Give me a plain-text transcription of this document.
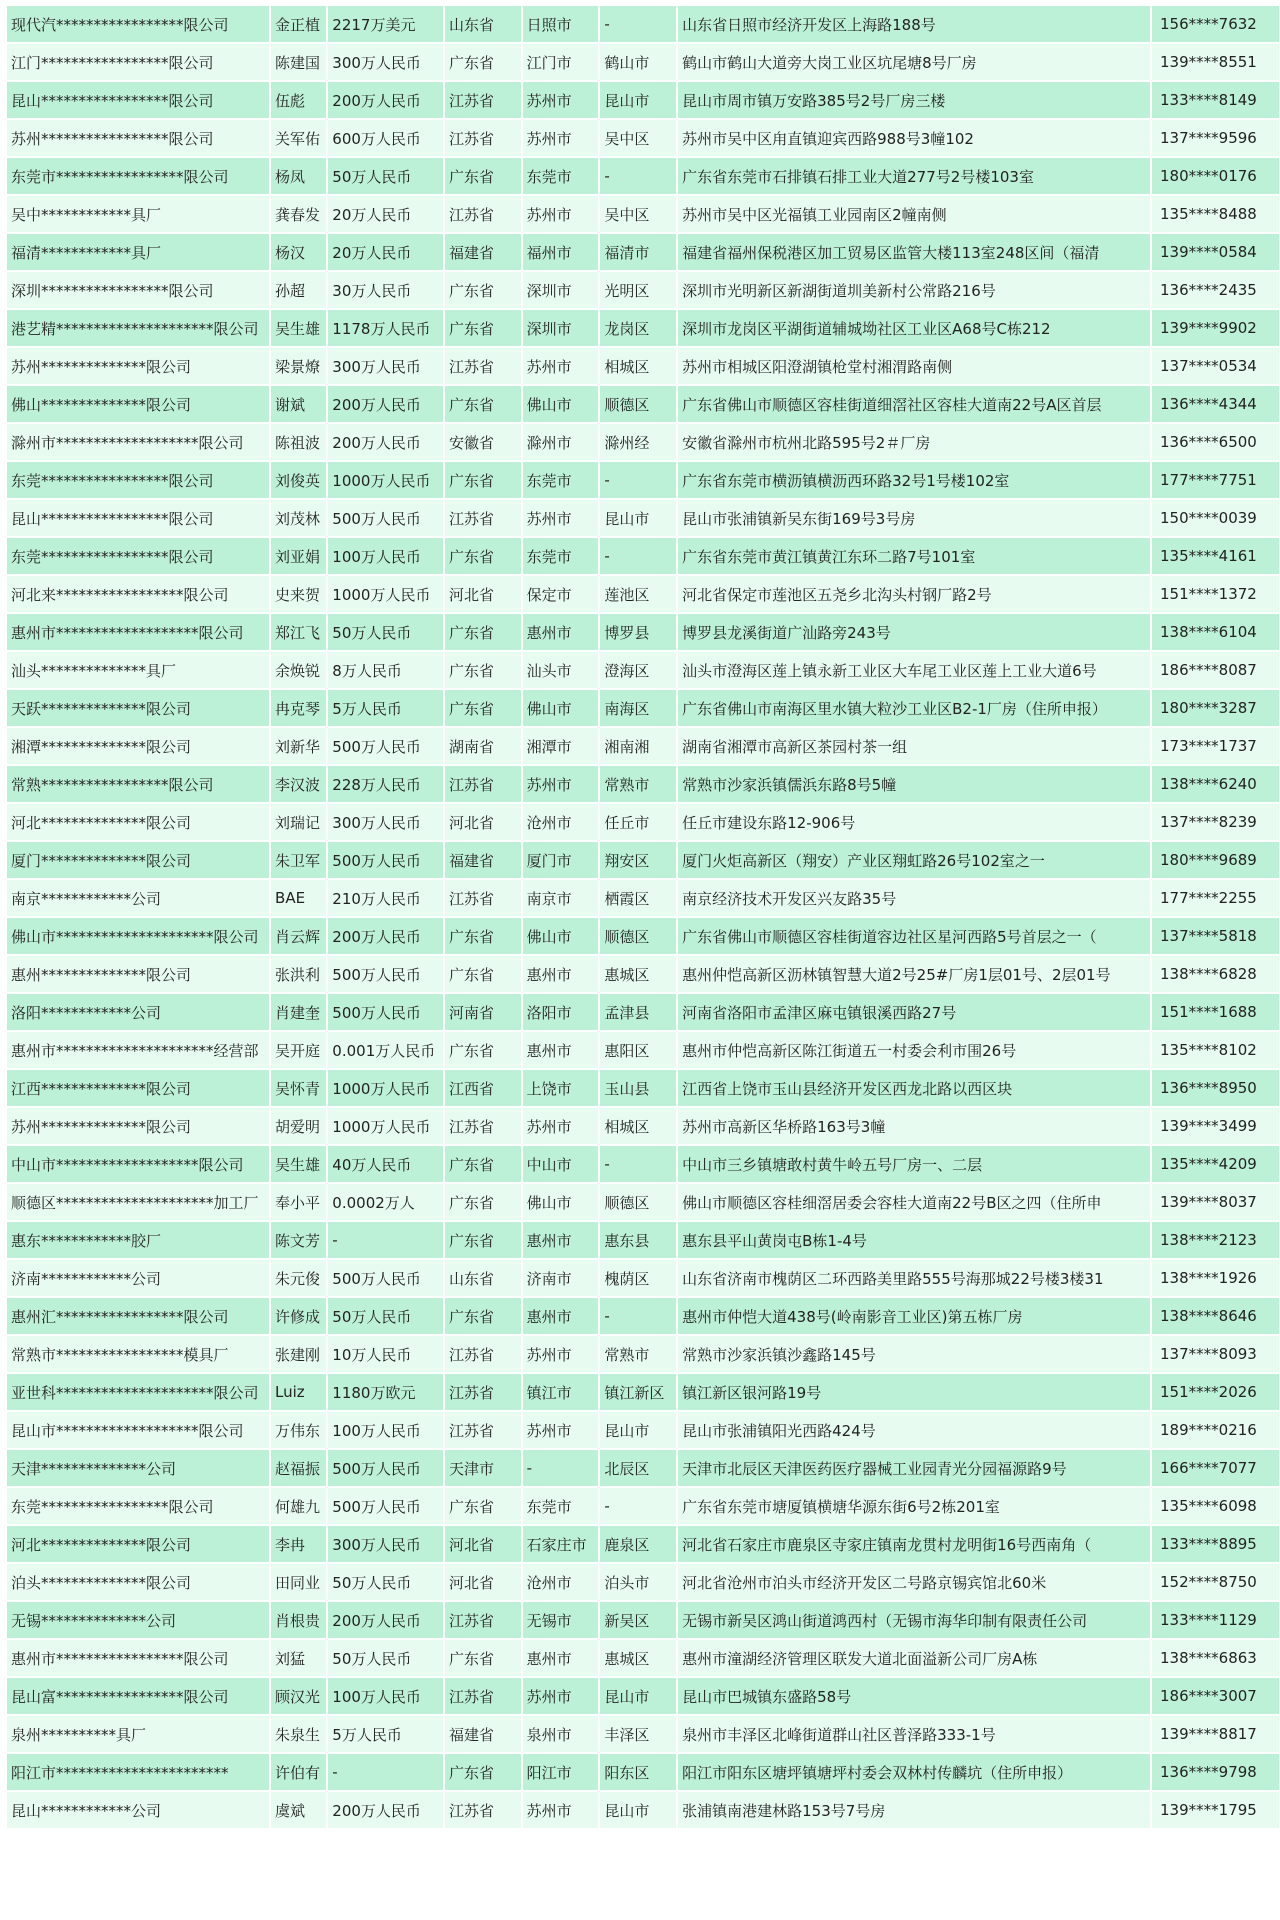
现代汽*****************限公司	金正植	2217万美元	山东省	日照市	-	山东省日照市经济开发区上海路188号	156****7632
江门*****************限公司	陈建国	300万人民币	广东省	江门市	鹤山市	鹤山市鹤山大道旁大岗工业区坑尾塘8号厂房	139****8551
昆山*****************限公司	伍彪	200万人民币	江苏省	苏州市	昆山市	昆山市周市镇万安路385号2号厂房三楼	133****8149
苏州*****************限公司	关军佑	600万人民币	江苏省	苏州市	吴中区	苏州市吴中区甪直镇迎宾西路988号3幢102	137****9596
东莞市*****************限公司	杨凤	50万人民币	广东省	东莞市	-	广东省东莞市石排镇石排工业大道277号2号楼103室	180****0176
吴中************具厂	龚春发	20万人民币	江苏省	苏州市	吴中区	苏州市吴中区光福镇工业园南区2幢南侧	135****8488
福清************具厂	杨汉	20万人民币	福建省	福州市	福清市	福建省福州保税港区加工贸易区监管大楼113室248区间（福清	139****0584
深圳*****************限公司	孙超	30万人民币	广东省	深圳市	光明区	深圳市光明新区新湖街道圳美新村公常路216号	136****2435
港艺精*********************限公司	吴生雄	1178万人民币	广东省	深圳市	龙岗区	深圳市龙岗区平湖街道辅城坳社区工业区A68号C栋212	139****9902
苏州**************限公司	梁景燎	300万人民币	江苏省	苏州市	相城区	苏州市相城区阳澄湖镇枪堂村湘渭路南侧	137****0534
佛山**************限公司	谢斌	200万人民币	广东省	佛山市	顺德区	广东省佛山市顺德区容桂街道细滘社区容桂大道南22号A区首层	136****4344
滁州市*******************限公司	陈祖波	200万人民币	安徽省	滁州市	滁州经	安徽省滁州市杭州北路595号2＃厂房	136****6500
东莞*****************限公司	刘俊英	1000万人民币	广东省	东莞市	-	广东省东莞市横沥镇横沥西环路32号1号楼102室	177****7751
昆山*****************限公司	刘茂林	500万人民币	江苏省	苏州市	昆山市	昆山市张浦镇新吴东街169号3号房	150****0039
东莞*****************限公司	刘亚娟	100万人民币	广东省	东莞市	-	广东省东莞市黄江镇黄江东环二路7号101室	135****4161
河北来*****************限公司	史来贺	1000万人民币	河北省	保定市	莲池区	河北省保定市莲池区五尧乡北沟头村钢厂路2号	151****1372
惠州市*******************限公司	郑江飞	50万人民币	广东省	惠州市	博罗县	博罗县龙溪街道广汕路旁243号	138****6104
汕头**************具厂	余焕锐	8万人民币	广东省	汕头市	澄海区	汕头市澄海区莲上镇永新工业区大车尾工业区莲上工业大道6号	186****8087
天跃**************限公司	冉克琴	5万人民币	广东省	佛山市	南海区	广东省佛山市南海区里水镇大粒沙工业区B2-1厂房（住所申报）	180****3287
湘潭**************限公司	刘新华	500万人民币	湖南省	湘潭市	湘南湘	湖南省湘潭市高新区茶园村茶一组	173****1737
常熟*****************限公司	李汉波	228万人民币	江苏省	苏州市	常熟市	常熟市沙家浜镇儒浜东路8号5幢	138****6240
河北**************限公司	刘瑞记	300万人民币	河北省	沧州市	任丘市	任丘市建设东路12-906号	137****8239
厦门**************限公司	朱卫军	500万人民币	福建省	厦门市	翔安区	厦门火炬高新区（翔安）产业区翔虹路26号102室之一	180****9689
南京************公司	BAE	210万人民币	江苏省	南京市	栖霞区	南京经济技术开发区兴友路35号	177****2255
佛山市*********************限公司	肖云辉	200万人民币	广东省	佛山市	顺德区	广东省佛山市顺德区容桂街道容边社区星河西路5号首层之一（	137****5818
惠州**************限公司	张洪利	500万人民币	广东省	惠州市	惠城区	惠州仲恺高新区沥林镇智慧大道2号25#厂房1层01号、2层01号	138****6828
洛阳************公司	肖建奎	500万人民币	河南省	洛阳市	孟津县	河南省洛阳市孟津区麻屯镇银溪西路27号	151****1688
惠州市*********************经营部	吴开庭	0.001万人民币	广东省	惠州市	惠阳区	惠州市仲恺高新区陈江街道五一村委会利市围26号	135****8102
江西**************限公司	吴怀青	1000万人民币	江西省	上饶市	玉山县	江西省上饶市玉山县经济开发区西龙北路以西区块	136****8950
苏州**************限公司	胡爱明	1000万人民币	江苏省	苏州市	相城区	苏州市高新区华桥路163号3幢	139****3499
中山市*******************限公司	吴生雄	40万人民币	广东省	中山市	-	中山市三乡镇塘敢村黄牛岭五号厂房一、二层	135****4209
顺德区*********************加工厂	奉小平	0.0002万人	广东省	佛山市	顺德区	佛山市顺德区容桂细滘居委会容桂大道南22号B区之四（住所申	139****8037
惠东************胶厂	陈文芳	-	广东省	惠州市	惠东县	惠东县平山黄岗屯B栋1-4号	138****2123
济南************公司	朱元俊	500万人民币	山东省	济南市	槐荫区	山东省济南市槐荫区二环西路美里路555号海那城22号楼3楼31	138****1926
惠州汇*****************限公司	许修成	50万人民币	广东省	惠州市	-	惠州市仲恺大道438号(岭南影音工业区)第五栋厂房	138****8646
常熟市*****************模具厂	张建刚	10万人民币	江苏省	苏州市	常熟市	常熟市沙家浜镇沙鑫路145号	137****8093
亚世科*********************限公司	Luiz	1180万欧元	江苏省	镇江市	镇江新区	镇江新区银河路19号	151****2026
昆山市*******************限公司	万伟东	100万人民币	江苏省	苏州市	昆山市	昆山市张浦镇阳光西路424号	189****0216
天津**************公司	赵福振	500万人民币	天津市	-	北辰区	天津市北辰区天津医药医疗器械工业园青光分园福源路9号	166****7077
东莞*****************限公司	何雄九	500万人民币	广东省	东莞市	-	广东省东莞市塘厦镇横塘华源东街6号2栋201室	135****6098
河北**************限公司	李冉	300万人民币	河北省	石家庄市	鹿泉区	河北省石家庄市鹿泉区寺家庄镇南龙贯村龙明街16号西南角（	133****8895
泊头**************限公司	田同业	50万人民币	河北省	沧州市	泊头市	河北省沧州市泊头市经济开发区二号路京锡宾馆北60米	152****8750
无锡**************公司	肖根贵	200万人民币	江苏省	无锡市	新吴区	无锡市新吴区鸿山街道鸿西村（无锡市海华印制有限责任公司	133****1129
惠州市*****************限公司	刘猛	50万人民币	广东省	惠州市	惠城区	惠州市潼湖经济管理区联发大道北面溢新公司厂房A栋	138****6863
昆山富*****************限公司	顾汉光	100万人民币	江苏省	苏州市	昆山市	昆山市巴城镇东盛路58号	186****3007
泉州**********具厂	朱泉生	5万人民币	福建省	泉州市	丰泽区	泉州市丰泽区北峰街道群山社区普泽路333-1号	139****8817
阳江市***********************	许伯有	-	广东省	阳江市	阳东区	阳江市阳东区塘坪镇塘坪村委会双林村传麟坑（住所申报）	136****9798
昆山************公司	虞斌	200万人民币	江苏省	苏州市	昆山市	张浦镇南港建林路153号7号房	139****1795
